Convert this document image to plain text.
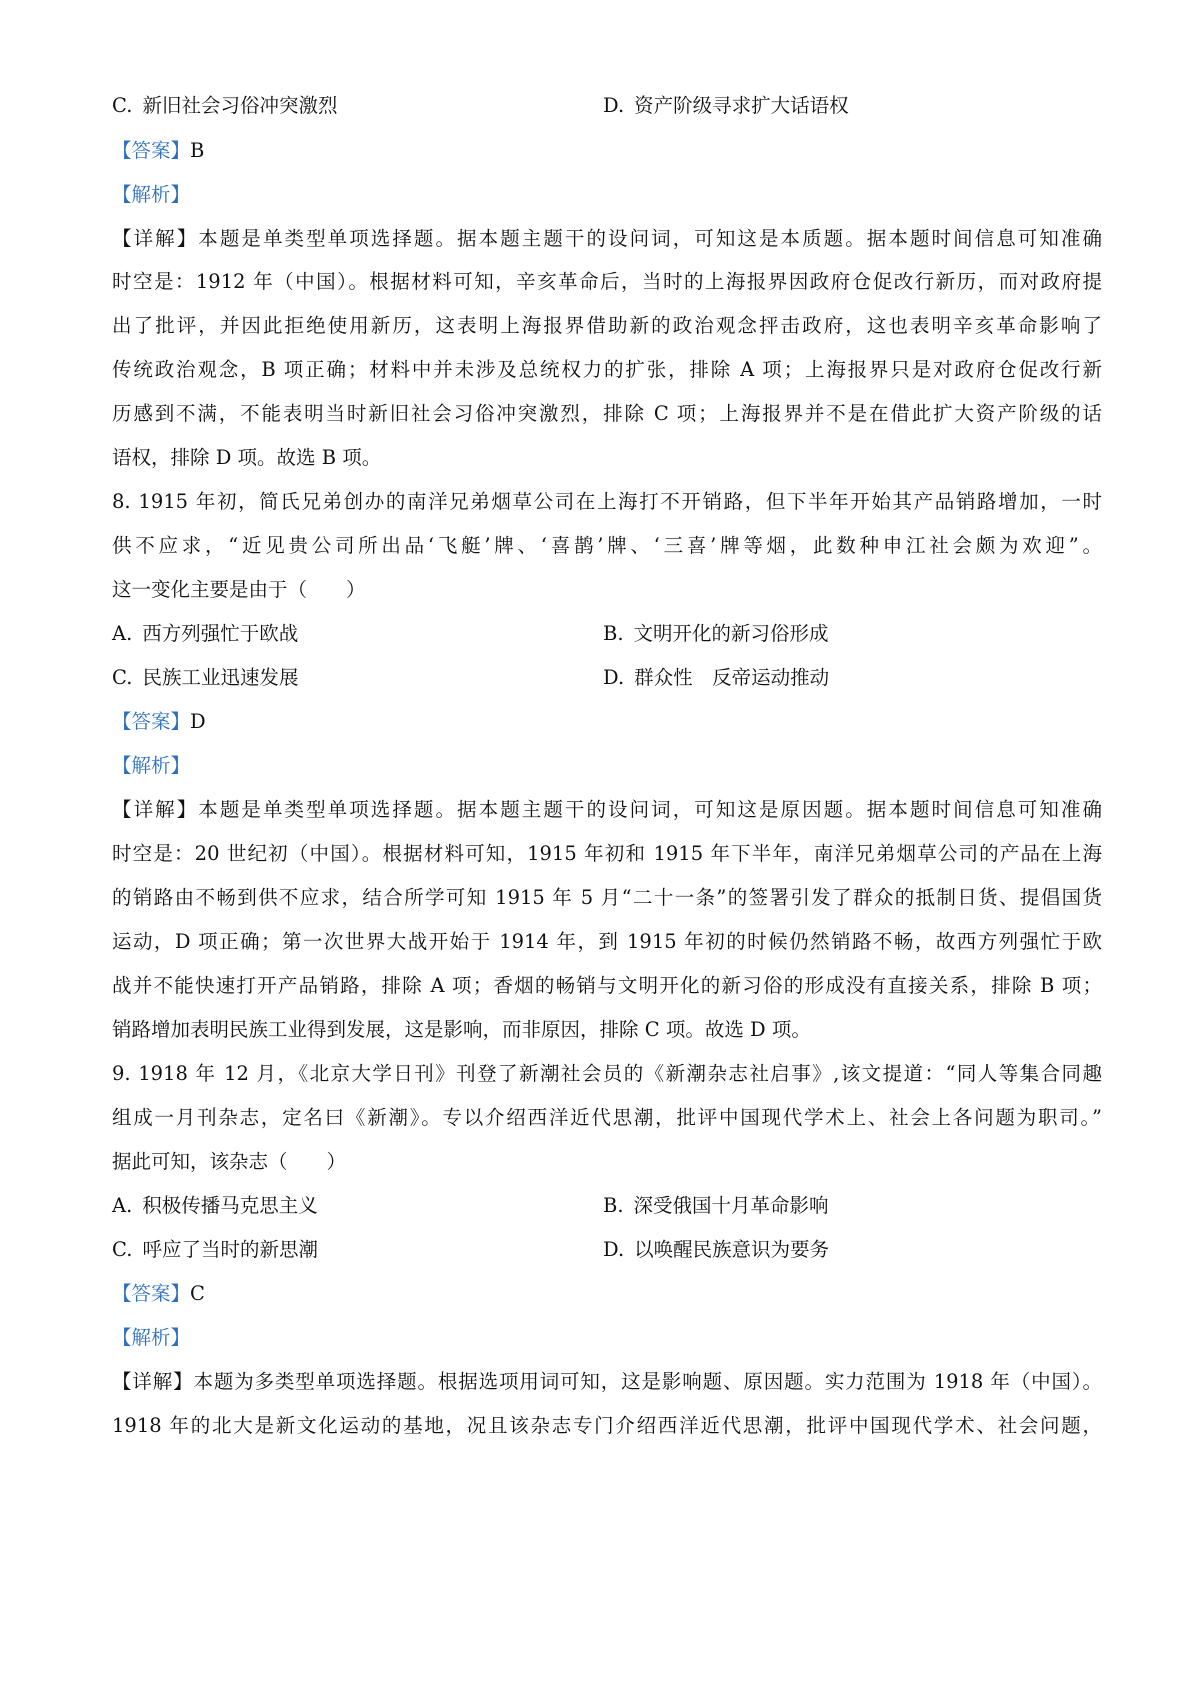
C. 新旧社会习俗冲突激烈	D. 资产阶级寻求扩大话语权
【答案】B
【解析】
【详解】本题是单类型单项选择题。据本题主题干的设问词，可知这是本质题。据本题时间信息可知准确
时空是：1912 年（中国）。根据材料可知，辛亥革命后，当时的上海报界因政府仓促改行新历，而对政府提
出了批评，并因此拒绝使用新历，这表明上海报界借助新的政治观念抨击政府，这也表明辛亥革命影响了
传统政治观念，B 项正确；材料中并未涉及总统权力的扩张，排除 A 项；上海报界只是对政府仓促改行新
历感到不满，不能表明当时新旧社会习俗冲突激烈，排除 C 项；上海报界并不是在借此扩大资产阶级的话
语权，排除 D 项。故选 B 项。
8. 1915 年初，简氏兄弟创办的南洋兄弟烟草公司在上海打不开销路，但下半年开始其产品销路增加，一时
供不应求，“近见贵公司所出品‘飞艇’牌、‘喜鹊’牌、‘三喜’牌等烟，此数种申江社会颇为欢迎”。
这一变化主要是由于（　　）
A. 西方列强忙于欧战	B. 文明开化的新习俗形成
C. 民族工业迅速发展	D. 群众性　反帝运动推动
【答案】D
【解析】
【详解】本题是单类型单项选择题。据本题主题干的设问词，可知这是原因题。据本题时间信息可知准确
时空是：20 世纪初（中国）。根据材料可知，1915 年初和 1915 年下半年，南洋兄弟烟草公司的产品在上海
的销路由不畅到供不应求，结合所学可知 1915 年 5 月“二十一条”的签署引发了群众的抵制日货、提倡国货
运动，D 项正确；第一次世界大战开始于 1914 年，到 1915 年初的时候仍然销路不畅，故西方列强忙于欧
战并不能快速打开产品销路，排除 A 项；香烟的畅销与文明开化的新习俗的形成没有直接关系，排除 B 项；
销路增加表明民族工业得到发展，这是影响，而非原因，排除 C 项。故选 D 项。
9. 1918 年 12 月，《北京大学日刊》刊登了新潮社会员的《新潮杂志社启事》,该文提道：“同人等集合同趣
组成一月刊杂志，定名曰《新潮》。专以介绍西洋近代思潮，批评中国现代学术上、社会上各问题为职司。”
据此可知，该杂志（　　）
A. 积极传播马克思主义	B. 深受俄国十月革命影响
C. 呼应了当时的新思潮	D. 以唤醒民族意识为要务
【答案】C
【解析】
【详解】本题为多类型单项选择题。根据选项用词可知，这是影响题、原因题。实力范围为 1918 年（中国）。
1918 年的北大是新文化运动的基地，况且该杂志专门介绍西洋近代思潮，批评中国现代学术、社会问题，
